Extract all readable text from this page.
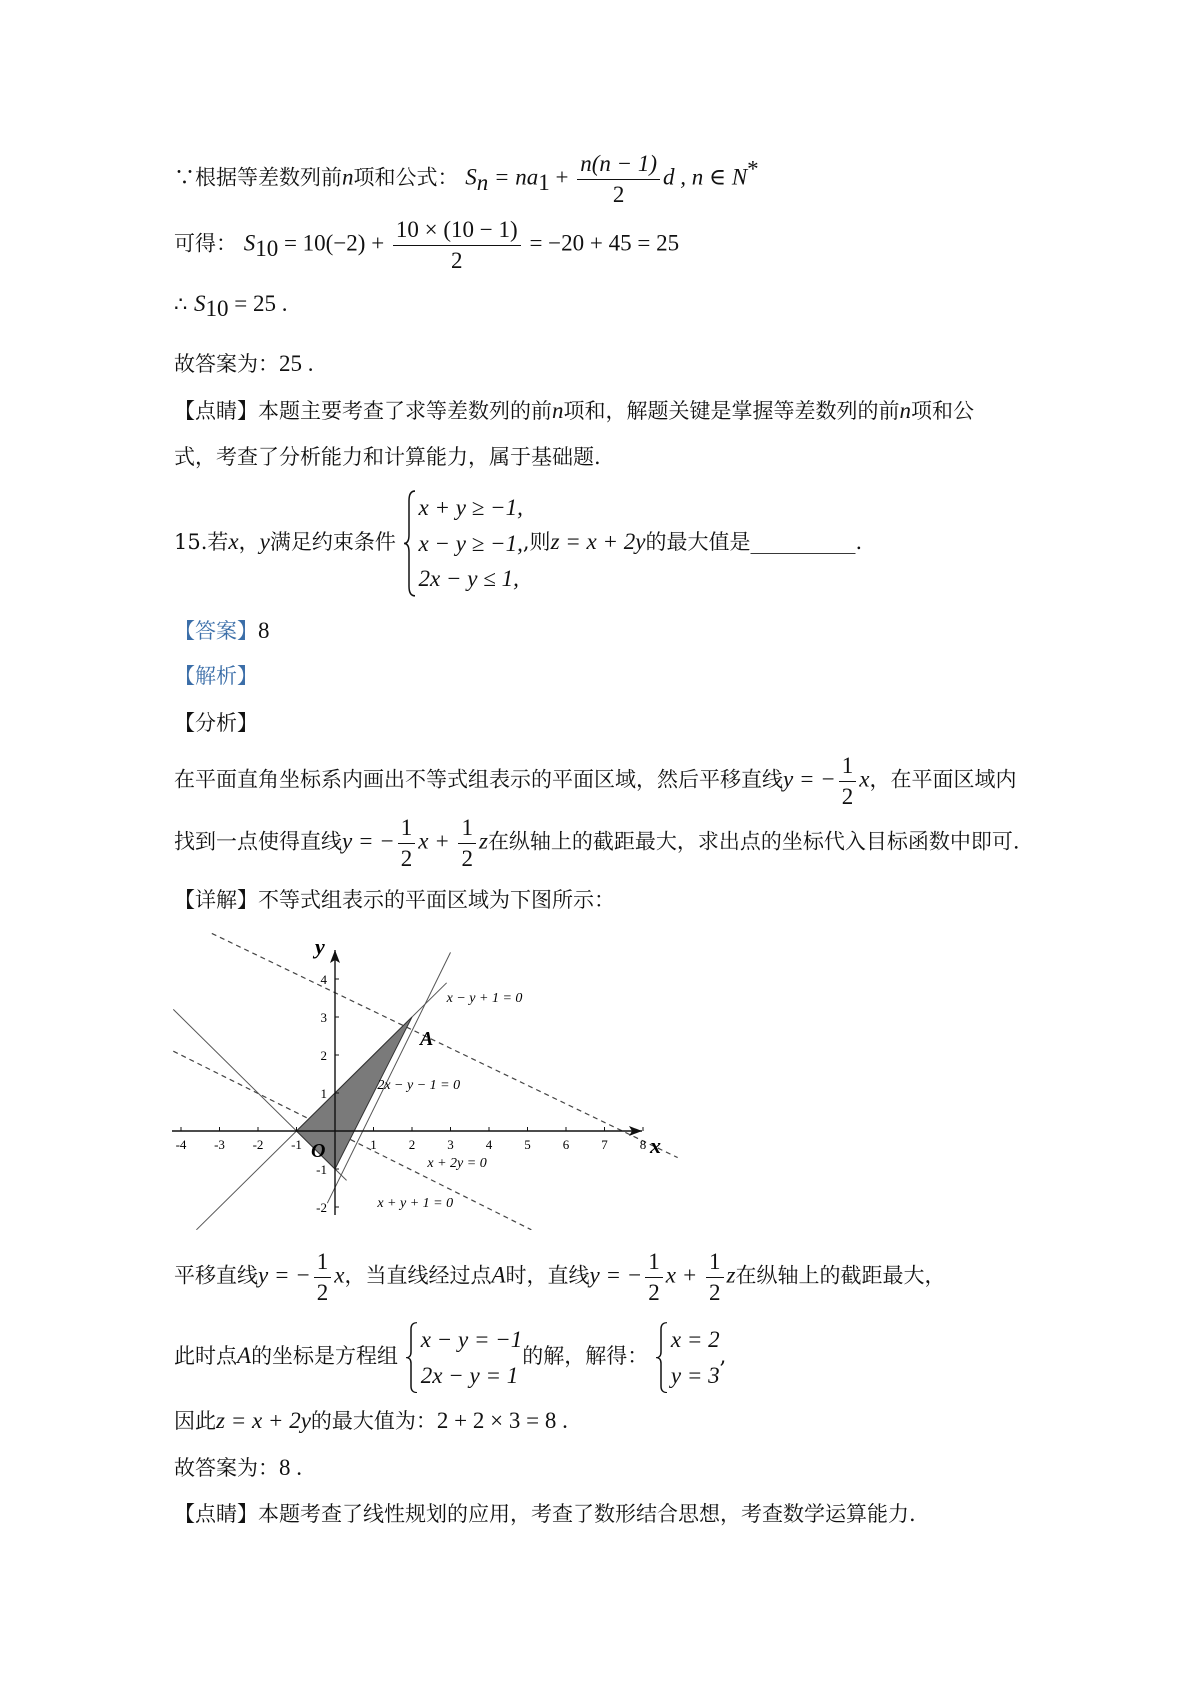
∵根据等差数列前n项和公式： $S_n = na_1 + \frac{n(n - 1)}{2}$ d , n ∈ N*
可得： $S_{10} = 10(-2) + \frac{10 \times (10 - 1)}{2} = -20 + 45 = 25$
∴ $S_{10} = 25$ .
故答案为：25 .
【点睛】本题主要考查了求等差数列的前n项和，解题关键是掌握等差数列的前n项和公
式，考查了分析能力和计算能力，属于基础题.
15.若x，y满足约束条件
x + y ≥ −1,
x − y ≥ −1,
2x − y ≤ 1,
,则z = x + 2y的最大值是__________.
【答案】8
【解析】
【分析】
在平面直角坐标系内画出不等式组表示的平面区域，然后平移直线y = − $\frac{1}{2}$ x，在平面区域内
找到一点使得直线y = − $\frac{1}{2}$ $x + \frac{1}{2}$ z在纵轴上的截距最大，求出点的坐标代入目标函数中即可.
【详解】不等式组表示的平面区域为下图所示：
-4 -3 -2 -1	1 2 3 4 5 6 7 8
4
3
2
1
-1
-2
x
y
O
A
x − y + 1 = 0
2x − y − 1 = 0
x + 2y = 0
x + y + 1 = 0
平移直线y = − $\frac{1}{2}$ x，当直线经过点A时，直线y = − $\frac{1}{2}$ $x + \frac{1}{2}$ z在纵轴上的截距最大，
此时点A的坐标是方程组
x − y = −1
2x − y = 1
的解，解得：
x = 2
y = 3
,
因此z = x + 2y的最大值为：2 + 2 × 3 = 8 .
故答案为：8 .
【点睛】本题考查了线性规划的应用，考查了数形结合思想，考查数学运算能力.
